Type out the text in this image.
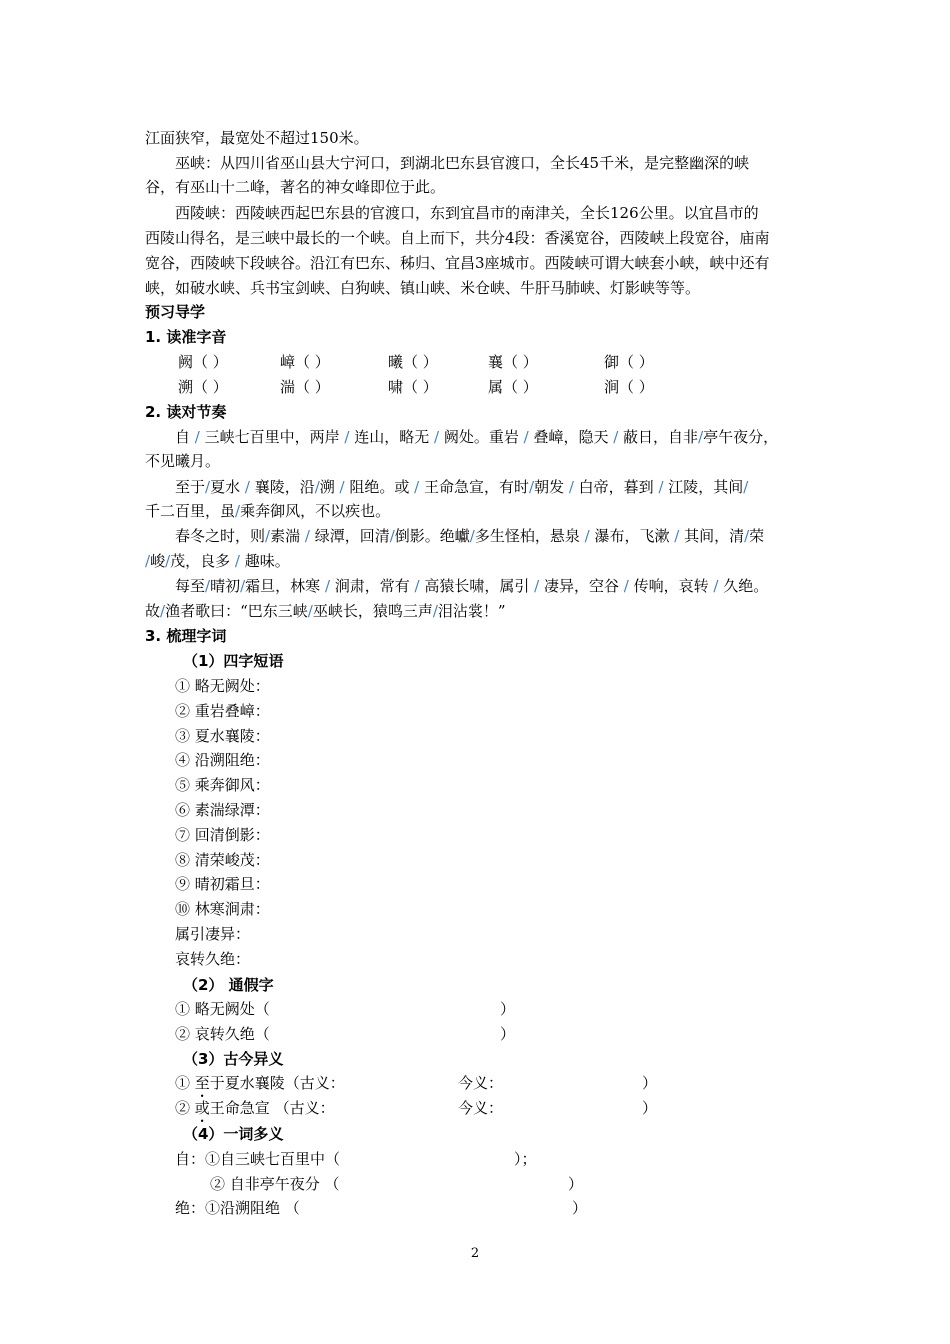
江面狭窄，最宽处不超过150米。
巫峡：从四川省巫山县大宁河口，到湖北巴东县官渡口，全长45千米，是完整幽深的峡
谷，有巫山十二峰，著名的神女峰即位于此。
西陵峡：西陵峡西起巴东县的官渡口，东到宜昌市的南津关，全长126公里。以宜昌市的
西陵山得名，是三峡中最长的一个峡。自上而下，共分4段：香溪宽谷，西陵峡上段宽谷，庙南
宽谷，西陵峡下段峡谷。沿江有巴东、秭归、宜昌3座城市。西陵峡可谓大峡套小峡，峡中还有
峡，如破水峡、兵书宝剑峡、白狗峡、镇山峡、米仓峡、牛肝马肺峡、灯影峡等等。
预习导学
1. 读准字音
阙（ ）	嶂（ ）	曦（ ）	襄（ ）	御（ ）
溯（ ）	湍（ ）	啸（ ）	属（ ）	涧（ ）
2. 读对节奏
自 / 三峡七百里中，两岸 / 连山，略无 / 阙处。重岩 / 叠嶂，隐天 / 蔽日，自非/亭午夜分，
不见曦月。
至于/夏水 / 襄陵，沿/溯 / 阻绝。或 / 王命急宣，有时/朝发 / 白帝，暮到 / 江陵，其间/
千二百里，虽/乘奔御风，不以疾也。
春冬之时，则/素湍 / 绿潭，回清/倒影。绝巘/多生怪柏，悬泉 / 瀑布，飞漱 / 其间，清/荣
/峻/茂，良多 / 趣味。
每至/晴初/霜旦，林寒 / 涧肃，常有 / 高猿长啸，属引 / 凄异，空谷 / 传响，哀转 / 久绝。
故/渔者歌曰：“巴东三峡/巫峡长，猿鸣三声/泪沾裳！”
3. 梳理字词
（1）四字短语
① 略无阙处：
② 重岩叠嶂：
③ 夏水襄陵：
④ 沿溯阻绝：
⑤ 乘奔御风：
⑥ 素湍绿潭：
⑦ 回清倒影：
⑧ 清荣峻茂：
⑨ 晴初霜旦：
⑩ 林寒涧肃：
属引凄异：
哀转久绝：
（2） 通假字
① 略无阙处（	）
② 哀转久绝（	）
（3）古今异义
① 至于夏水襄陵（古义：	今义：	）
② 或王命急宣 （古义：	今义：	）
（4）一词多义
自：①自三峡七百里中（	）；
② 自非亭午夜分 （	）
绝：①沿溯阻绝 （	）
2
